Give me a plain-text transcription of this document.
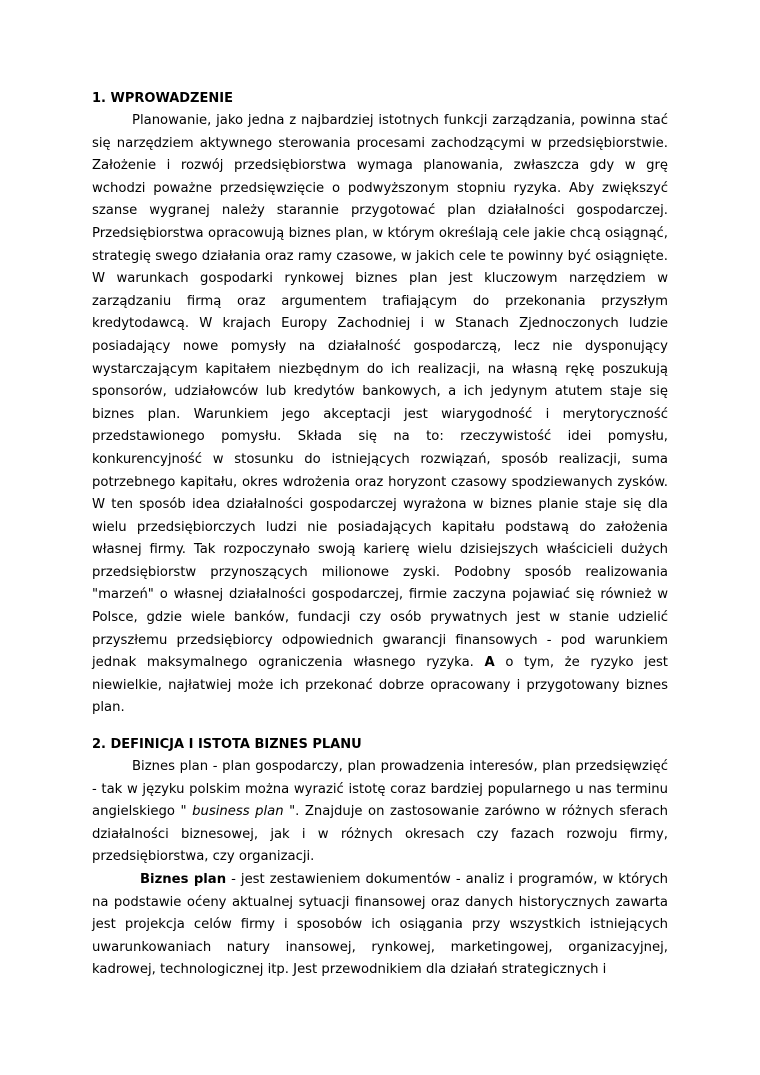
1. WPROWADZENIE

Planowanie, jako jedna z najbardziej istotnych funkcji zarządzania, powinna stać się narzędziem aktywnego sterowania procesami zachodzącymi w przedsiębiorstwie. Założenie i rozwój przedsiębiorstwa wymaga planowania, zwłaszcza gdy w grę wchodzi poważne przedsięwzięcie o podwyższonym stopniu ryzyka. Aby zwiększyć szanse wygranej należy starannie przygotować plan działalności gospodarczej. Przedsiębiorstwa opracowują biznes plan, w którym określają cele jakie chcą osiągnąć, strategię swego działania oraz ramy czasowe, w jakich cele te powinny być osiągnięte. W warunkach gospodarki rynkowej biznes plan jest kluczowym narzędziem w zarządzaniu firmą oraz argumentem trafiającym do przekonania przyszłym kredytodawcą. W krajach Europy Zachodniej i w Stanach Zjednoczonych ludzie posiadający nowe pomysły na działalność gospodarczą, lecz nie dysponujący wystarczającym kapitałem niezbędnym do ich realizacji, na własną rękę poszukują sponsorów, udziałowców lub kredytów bankowych, a ich jedynym atutem staje się biznes plan. Warunkiem jego akceptacji jest wiarygodność i merytoryczność przedstawionego pomysłu. Składa się na to: rzeczywistość idei pomysłu, konkurencyjność w stosunku do istniejących rozwiązań, sposób realizacji, suma potrzebnego kapitału, okres wdrożenia oraz horyzont czasowy spodziewanych zysków. W ten sposób idea działalności gospodarczej wyrażona w biznes planie staje się dla wielu przedsiębiorczych ludzi nie posiadających kapitału podstawą do założenia własnej firmy. Tak rozpoczynało swoją karierę wielu dzisiejszych właścicieli dużych przedsiębiorstw przynoszących milionowe zyski. Podobny sposób realizowania "marzeń" o własnej działalności gospodarczej, firmie zaczyna pojawiać się również w Polsce, gdzie wiele banków, fundacji czy osób prywatnych jest w stanie udzielić przyszłemu przedsiębiorcy odpowiednich gwarancji finansowych - pod warunkiem jednak maksymalnego ograniczenia własnego ryzyka. A o tym, że ryzyko jest niewielkie, najłatwiej może ich przekonać dobrze opracowany i przygotowany biznes plan.

2. DEFINICJA I ISTOTA BIZNES PLANU

Biznes plan - plan gospodarczy, plan prowadzenia interesów, plan przedsięwzięć - tak w języku polskim można wyrazić istotę coraz bardziej popularnego u nas terminu angielskiego " business plan ". Znajduje on zastosowanie zarówno w różnych sferach działalności biznesowej, jak i w różnych okresach czy fazach rozwoju firmy, przedsiębiorstwa, czy organizacji.

Biznes plan - jest zestawieniem dokumentów - analiz i programów, w których na podstawie oćeny aktualnej sytuacji finansowej oraz danych historycznych zawarta jest projekcja celów firmy i sposobów ich osiągania przy wszystkich istniejących uwarunkowaniach natury inansowej, rynkowej, marketingowej, organizacyjnej, kadrowej, technologicznej itp. Jest przewodnikiem dla działań strategicznych i
